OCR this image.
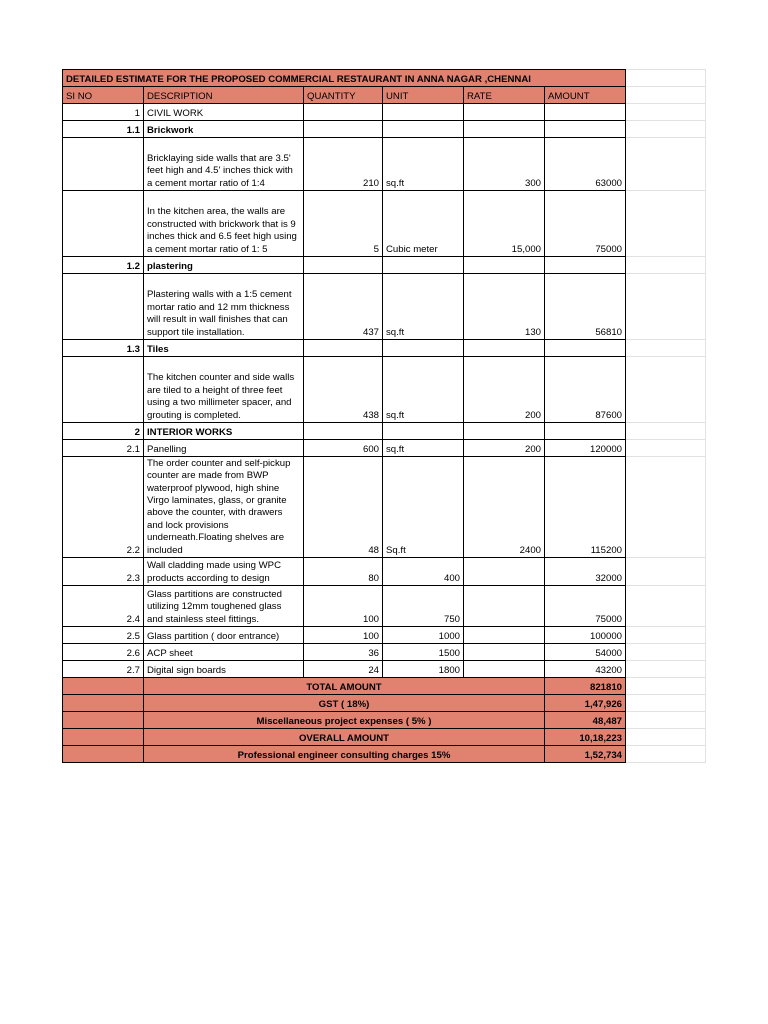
DETAILED ESTIMATE FOR THE PROPOSED COMMERCIAL RESTAURANT IN ANNA NAGAR ,CHENNAI						
SI NO	DESCRIPTION	QUANTITY	UNIT	RATE	AMOUNT	
1	CIVIL WORK					
1.1	Brickwork					
	Bricklaying side walls that are 3.5' feet high and 4.5' inches thick with a cement mortar ratio of 1:4	210	sq.ft	300	63000	
	In the kitchen area, the walls are constructed with brickwork that is 9 inches thick and 6.5 feet high using a cement mortar ratio of 1: 5	5	Cubic meter	15,000	75000	
1.2	plastering					
	Plastering walls with a 1:5 cement mortar ratio and 12 mm thickness will result in wall finishes that can support tile installation.	437	sq.ft	130	56810	
1.3	Tiles					
	The kitchen counter and side walls are tiled to a height of three feet using a two millimeter spacer, and grouting is completed.	438	sq.ft	200	87600	
2	INTERIOR WORKS					
2.1	Panelling	600	sq.ft	200	120000	
2.2	The order counter and self-pickup counter are made from BWP waterproof plywood, high shine Virgo laminates, glass, or granite above the counter, with drawers and lock provisions underneath.Floating shelves are included	48	Sq.ft	2400	115200	
2.3	Wall cladding made using WPC products according to design	80	400		32000	
2.4	Glass partitions are constructed utilizing 12mm toughened glass and stainless steel fittings.	100	750		75000	
2.5	Glass partition ( door entrance)	100	1000		100000	
2.6	ACP sheet	36	1500		54000	
2.7	Digital sign boards	24	1800		43200	
	TOTAL AMOUNT				821810	
	GST ( 18%)				1,47,926	
	Miscellaneous project expenses ( 5% )				48,487	
	OVERALL AMOUNT				10,18,223	
	Professional engineer consulting charges 15%				1,52,734	
